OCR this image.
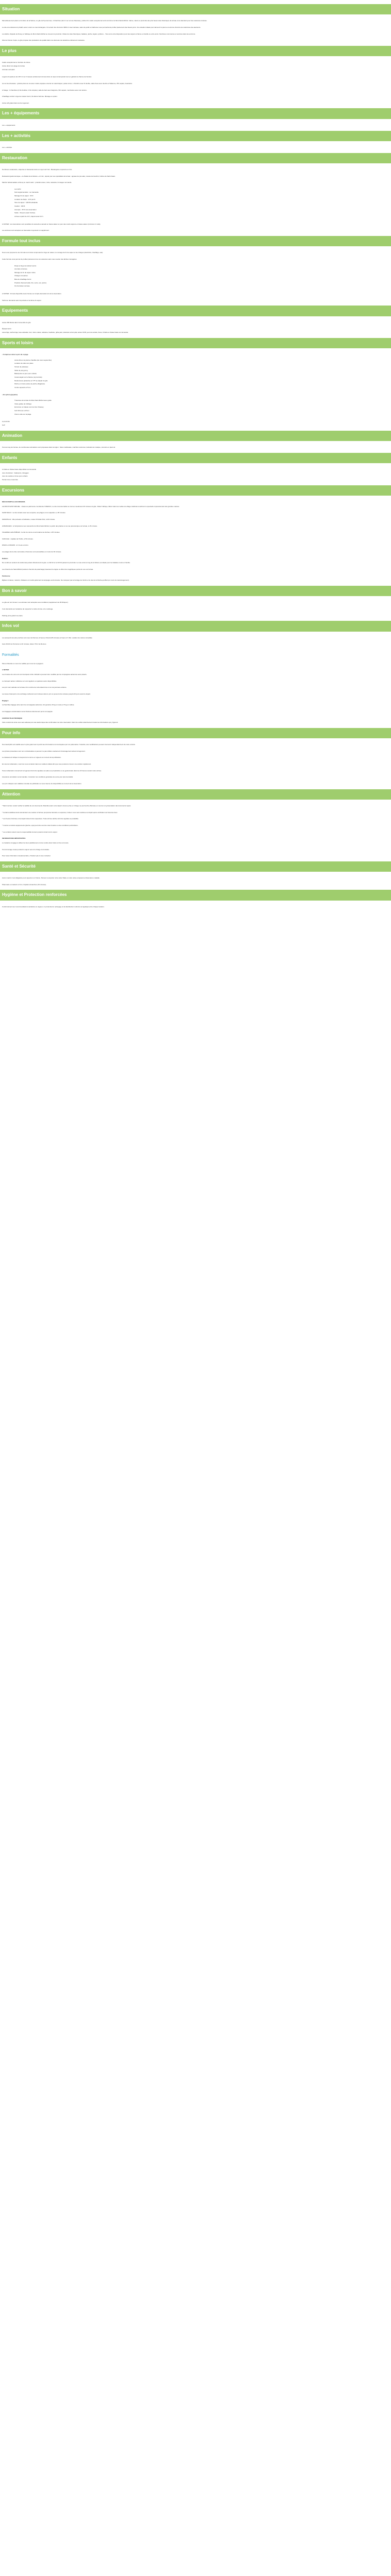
Situation

Merveilleusement placé en bordure de la Sélune, ce gîte de 8 personnes, 4 chambres (dont 1 au rez-de-chaussée), profite d'un cadre exceptionnel entre la forêt et le Mont-Saint-Michel. Calme, nature et proximité des plus beaux sites historiques de la baie vous attendent pour des vacances réussies.

Le site est entièrement privatif, aucun voisin ne vous dérangera. Un terrain clos d'environ 3000 m² avec terrasse, salon de jardin et barbecue vous permettra de profiter pleinement des beaux jours. Une situation idéale pour découvrir à pied ou à vélo les chemins de randonnée des alentours.

La célèbre chapelle de Ducey et l'abbaye du Mont-Saint-Michel se trouvent à proximité. Visites de sites historiques, balades, pêche, kayak, cyclisme... Tout est à votre disposition pour des séjours à thème en famille ou entre amis. Nombreux commerces et services dans les environs.

Gîte de France 3 épis, ce gîte propose des prestations de qualité dans une demeure de caractère entièrement restaurée.

Le plus
Cadre exceptionnel en bordure de rivière
Accès direct à la plage de la baie
Animaux acceptés

Logement spacieux de 145 m² sur 2 niveaux entièrement rénové dans un style contemporain tout en gardant le charme de l'ancien.

Au rez-de-chaussée : grande pièce de vie avec cuisine équipée ouverte sur salon/séjour, poêle à bois, 1 chambre avec lit double, salle d'eau avec douche à l'italienne, WC séparé, buanderie.

A l'étage : 3 chambres (2 lits doubles, 2 lits simples), salle de bain avec baignoire, WC séparé, mezzanine avec coin lecture.

Chauffage central. Linge de maison fourni, lits faits à l'arrivée. Ménage en option.

Accès wifi gratuit dans tout le logement.

Les + équipements
Les + équipements
Les + activités
Les + activités
Restauration

Nombreux restaurants, crêperies et brasseries dans un rayon de 5 km. Boulangerie et épicerie à 2 km.

Restaurant gastronomique « Le Relais de la Sélune » à 3 km, réputé pour ses spécialités de la baie : agneau de pré-salé, moules de bouchot, huîtres de Saint-Vaast.

Marché hebdomadaire à Ducey le mardi matin : produits locaux, cidre, calvados, fromages normands.

Les tarifs :
Nuit supplémentaire : sur demande
Ménage fin de séjour : 60 €
Location de draps : 12 € par lit
Taxe de séjour : 0,80 €/nuit/adulte
Caution : 300 €
Acompte : 25 % à la réservation
Solde : 30 jours avant l'arrivée
Arrivée à partir de 16 h, départ avant 10 h.

A NOTER : les réservations sont possibles du samedi au samedi en haute saison et pour des courts séjours en basse saison (minimum 2 nuits).

Les animaux sont acceptés sur demande moyennant un supplément.

Formule tout inclus

Nous vous proposons une formule tout inclus comprenant le linge de maison, le ménage de fin de séjour et les charges (électricité, chauffage, eau).

Cette formule vous permet de profiter pleinement de vos vacances sans vous soucier des tâches ménagères.

Draps et linge de toilette fournis
Lits faits à l'arrivée
Ménage de fin de séjour inclus
Charges comprises
Bois de chauffage fourni
Produits d'accueil (café, thé, sucre, sel, poivre)
Kit d'entretien de base

A NOTER : formule disponible toute l'année sur simple demande lors de la réservation.

Tarifs sur demande selon la période et la durée du séjour.

Equipements
Accès Wifi illimité dans l'ensemble du gîte
Équipements :
Lave-linge, sèche-linge, lave-vaisselle, four, micro-ondes, cafetière, bouilloire, grille-pain, télévision écran plat, lecteur DVD, jeux de société, livres, lit bébé et chaise haute sur demande.
Sports et loisirs
• Comprises dans le prix du voyage
Accès libre à la piscine chauffée (de mai à septembre)
Location de vélos sur place
Terrain de pétanque
Table de ping-pong
Balançoires et jeux pour enfants
Canoë-kayak sur la Sélune (à proximité)
Randonnées pédestres et VTT au départ du gîte
Pêche en rivière (carte de pêche obligatoire)
Centre équestre à 5 km
• En option (payante)
Traversée de la baie du Mont-Saint-Michel avec guide
Visite guidée de l'abbaye
Excursion en bateau vers les îles Chausey
Golf 18 trous à 15 km
Char à voile sur la plage
A proximité
Golf
Animation

Tout au long de l'année, de nombreuses animations sont proposées dans la région : fêtes médiévales, marchés nocturnes, festivals de musique, concerts en plein air.

Enfants
Lit bébé et chaise haute disponibles sur demande
Jeux d'extérieur : balançoire, toboggan
Jeux de société et livres pour enfants
Terrain clos et sécurisé
Excursions
DÉCOUVERTE & EXCURSIONS

LE MONT-SAINT-MICHEL : classé au patrimoine mondial de l'UNESCO, ce site incontournable se trouve à seulement 20 minutes du gîte. Visitez l'abbaye, flânez dans les ruelles du village médiéval et admirez le spectacle impressionnant des grandes marées.

SAINT-MALO : la cité corsaire avec ses remparts, ses plages et son aquarium, à 45 minutes.

GRANVILLE : ville portuaire et balnéaire, musée Christian Dior, à 40 minutes.

AVRANCHES : le Scriptorial et ses manuscrits du Mont-Saint-Michel, le jardin des plantes et sa vue panoramique sur la baie, à 15 minutes.

VILLEDIEU-LES-POÊLES : la cité du cuivre et sa fonderie de cloches, à 35 minutes.

CANCALE : capitale de l'huître, à 50 minutes.

DINAN et DINARD : à 1 heure environ.

Les plages de la côte normande et bretonne sont accessibles en moins de 30 minutes.

Balades

De nombreux sentiers de randonnée partent directement du gîte. Le GR 22 et le GR 34 passent à proximité. La voie verte le long de la Sélune est idéale pour les balades à vélo en famille.

Les chemins de Saint-Michel (anciens chemins de pèlerinage) traversent la région et offrent de magnifiques points de vue sur la baie.

Patrimoine

Églises romanes, manoirs, châteaux et moulins jalonnent la campagne environnante. Ne manquez pas le barrage de Vezins et le site de la Roche-qui-Boit (en cours de réaménagement).

Bon à savoir

Le gîte est non fumeur. Les animaux sont acceptés sous conditions (supplément de 30 €/séjour).

Il est demandé aux locataires de respecter le calme du lieu et le voisinage.

Parking privé gratuit sur place.

Infos vol

Les aéroports les plus proches sont ceux de Rennes (1 heure), Dinard (45 minutes) et Caen (1 h 30). Location de voiture conseillée.

Gare SNCF de Pontorson à 20 minutes, liaison TGV via Rennes.

Formalités

Pièce d'identité en cours de validité pour tous les voyageurs.

A NOTER

Les horaires de vols sont communiqués à titre indicatif et peuvent être modifiés par les compagnies aériennes sans préavis.

Le transport aérien s'effectue sur vols réguliers ou spéciaux selon disponibilités.

Les prix sont calculés sur la base d'un nombre de nuits déterminé et non de journées entières.

Les taxes d'aéroport et la surcharge carburant sont incluses dans le prix et peuvent être révisées jusqu'à 30 jours avant le départ.

Bagages

La franchise bagage varie selon les compagnies aériennes. En général, 20 kg en soute et 5 kg en cabine.

Les bagages excédentaires seront facturés directement par la compagnie.

CONTRAT ÉLECTRONIQUE

Votre contrat de vente vous sera adressé par voie électronique dès confirmation de votre réservation. Merci de vérifier attentivement toutes les informations qui y figurent.

Pour info

Nos descriptifs sont établis avec le plus grand soin à partir des informations communiquées par nos partenaires. Toutefois, des modifications peuvent intervenir indépendamment de notre volonté.

Les photos présentées sont non contractuelles et peuvent ne pas refléter exactement l'aménagement actuel du logement.

Le classement indiqué correspond à la norme en vigueur au moment de la publication.

En cas de réclamation, merci de nous contacter dans les meilleurs délais afin que nous puissions trouver une solution rapidement.

Toute réclamation concernant le logement doit être signalée sur place au propriétaire ou au gestionnaire dans les 24 heures suivant votre arrivée.

Assurance annulation recommandée. Consultez nos conditions générales de vente pour plus de détails.

Les prix indiqués sont valables à la date de publication et sous réserve de disponibilité au moment de la réservation.

Attention

* Merci de bien vouloir vérifier la validité de vos documents d'identité avant votre départ. Aucune prise en charge ne pourra être effectuée en cas de non-présentation des documents requis.

* Certains établissements demandent une caution à l'arrivée (empreinte bancaire ou espèces). Celle-ci vous sera restituée au départ après vérification de l'état des lieux.

* Les heures d'arrivée et de départ doivent être respectées. Toute arrivée tardive doit être signalée au préalable.

* L'accès à certains équipements (piscine, spa) peut être soumis à des horaires ou des conditions particulières.

* Les enfants restent sous la responsabilité de leurs parents durant tout le séjour.

INFORMATIONS IMPORTANTES

Le locataire s'engage à utiliser les lieux paisiblement et à les rendre dans l'état où il les a trouvés.

Tout dommage causé pendant le séjour sera à la charge du locataire.

Pour toute information complémentaire, n'hésitez pas à nous contacter.

Santé et Sécurité

Aucun vaccin n'est obligatoire pour séjourner en France. Pensez à emporter votre carte Vitale ou votre carte européenne d'assurance maladie.

Pharmacie et médecin à 3 km, hôpital à Avranches (15 minutes).

Hygiène et Protection renforcées

Conformément aux recommandations sanitaires en vigueur, un protocole de nettoyage et de désinfection renforcé est appliqué entre chaque location.
